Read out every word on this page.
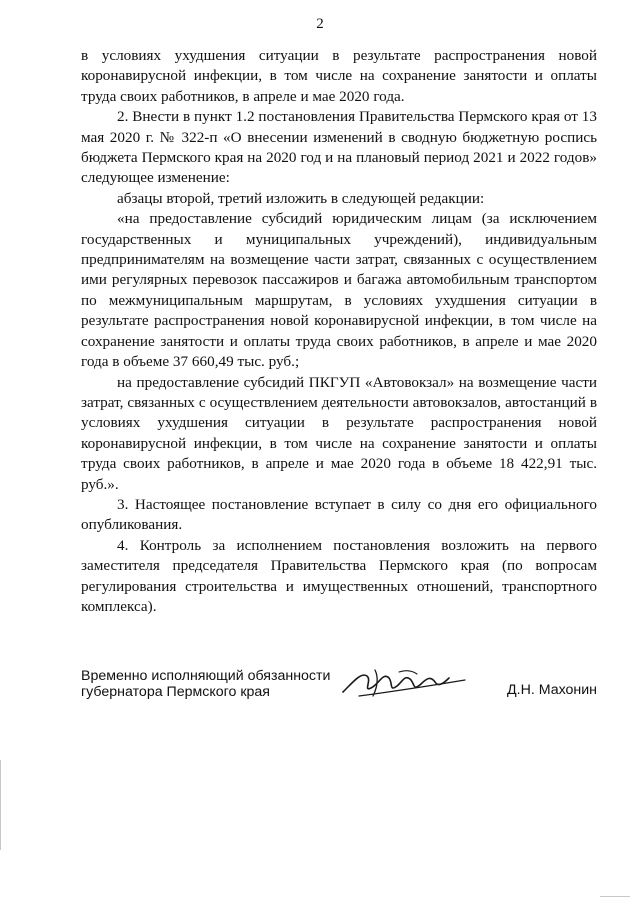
2

в условиях ухудшения ситуации в результате распространения новой коронавирусной инфекции, в том числе на сохранение занятости и оплаты труда своих работников, в апреле и мае 2020 года.

2. Внести в пункт 1.2 постановления Правительства Пермского края от 13 мая 2020 г. № 322-п «О внесении изменений в сводную бюджетную роспись бюджета Пермского края на 2020 год и на плановый период 2021 и 2022 годов» следующее изменение:

абзацы второй, третий изложить в следующей редакции:

«на предоставление субсидий юридическим лицам (за исключением государственных и муниципальных учреждений), индивидуальным предпринимателям на возмещение части затрат, связанных с осуществлением ими регулярных перевозок пассажиров и багажа автомобильным транспортом по межмуниципальным маршрутам, в условиях ухудшения ситуации в результате распространения новой коронавирусной инфекции, в том числе на сохранение занятости и оплаты труда своих работников, в апреле и мае 2020 года в объеме 37 660,49 тыс. руб.;

на предоставление субсидий ПКГУП «Автовокзал» на возмещение части затрат, связанных с осуществлением деятельности автовокзалов, автостанций в условиях ухудшения ситуации в результате распространения новой коронавирусной инфекции, в том числе на сохранение занятости и оплаты труда своих работников, в апреле и мае 2020 года в объеме 18 422,91 тыс. руб.».

3. Настоящее постановление вступает в силу со дня его официального опубликования.

4. Контроль за исполнением постановления возложить на первого заместителя председателя Правительства Пермского края (по вопросам регулирования строительства и имущественных отношений, транспортного комплекса).

Временно исполняющий обязанности
губернатора Пермского края	Д.Н. Махонин
